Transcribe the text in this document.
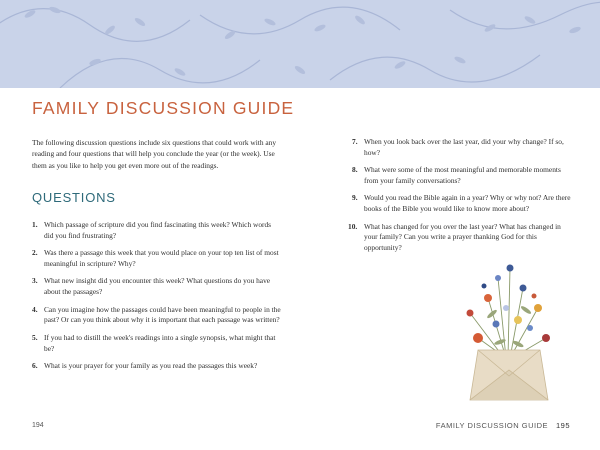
FAMILY DISCUSSION GUIDE
The following discussion questions include six questions that could work with any reading and four questions that will help you conclude the year (or the week). Use them as you like to help you get even more out of the readings.
QUESTIONS
1. Which passage of scripture did you find fascinating this week? Which words did you find frustrating?
2. Was there a passage this week that you would place on your top ten list of most meaningful in scripture? Why?
3. What new insight did you encounter this week? What questions do you have about the passages?
4. Can you imagine how the passages could have been meaningful to people in the past? Or can you think about why it is important that each passage was written?
5. If you had to distill the week's readings into a single synopsis, what might that be?
6. What is your prayer for your family as you read the passages this week?
7. When you look back over the last year, did your why change? If so, how?
8. What were some of the most meaningful and memorable moments from your family conversations?
9. Would you read the Bible again in a year? Why or why not? Are there books of the Bible you would like to know more about?
10. What has changed for you over the last year? What has changed in your family? Can you write a prayer thanking God for this opportunity?
194	FAMILY DISCUSSION GUIDE 195
